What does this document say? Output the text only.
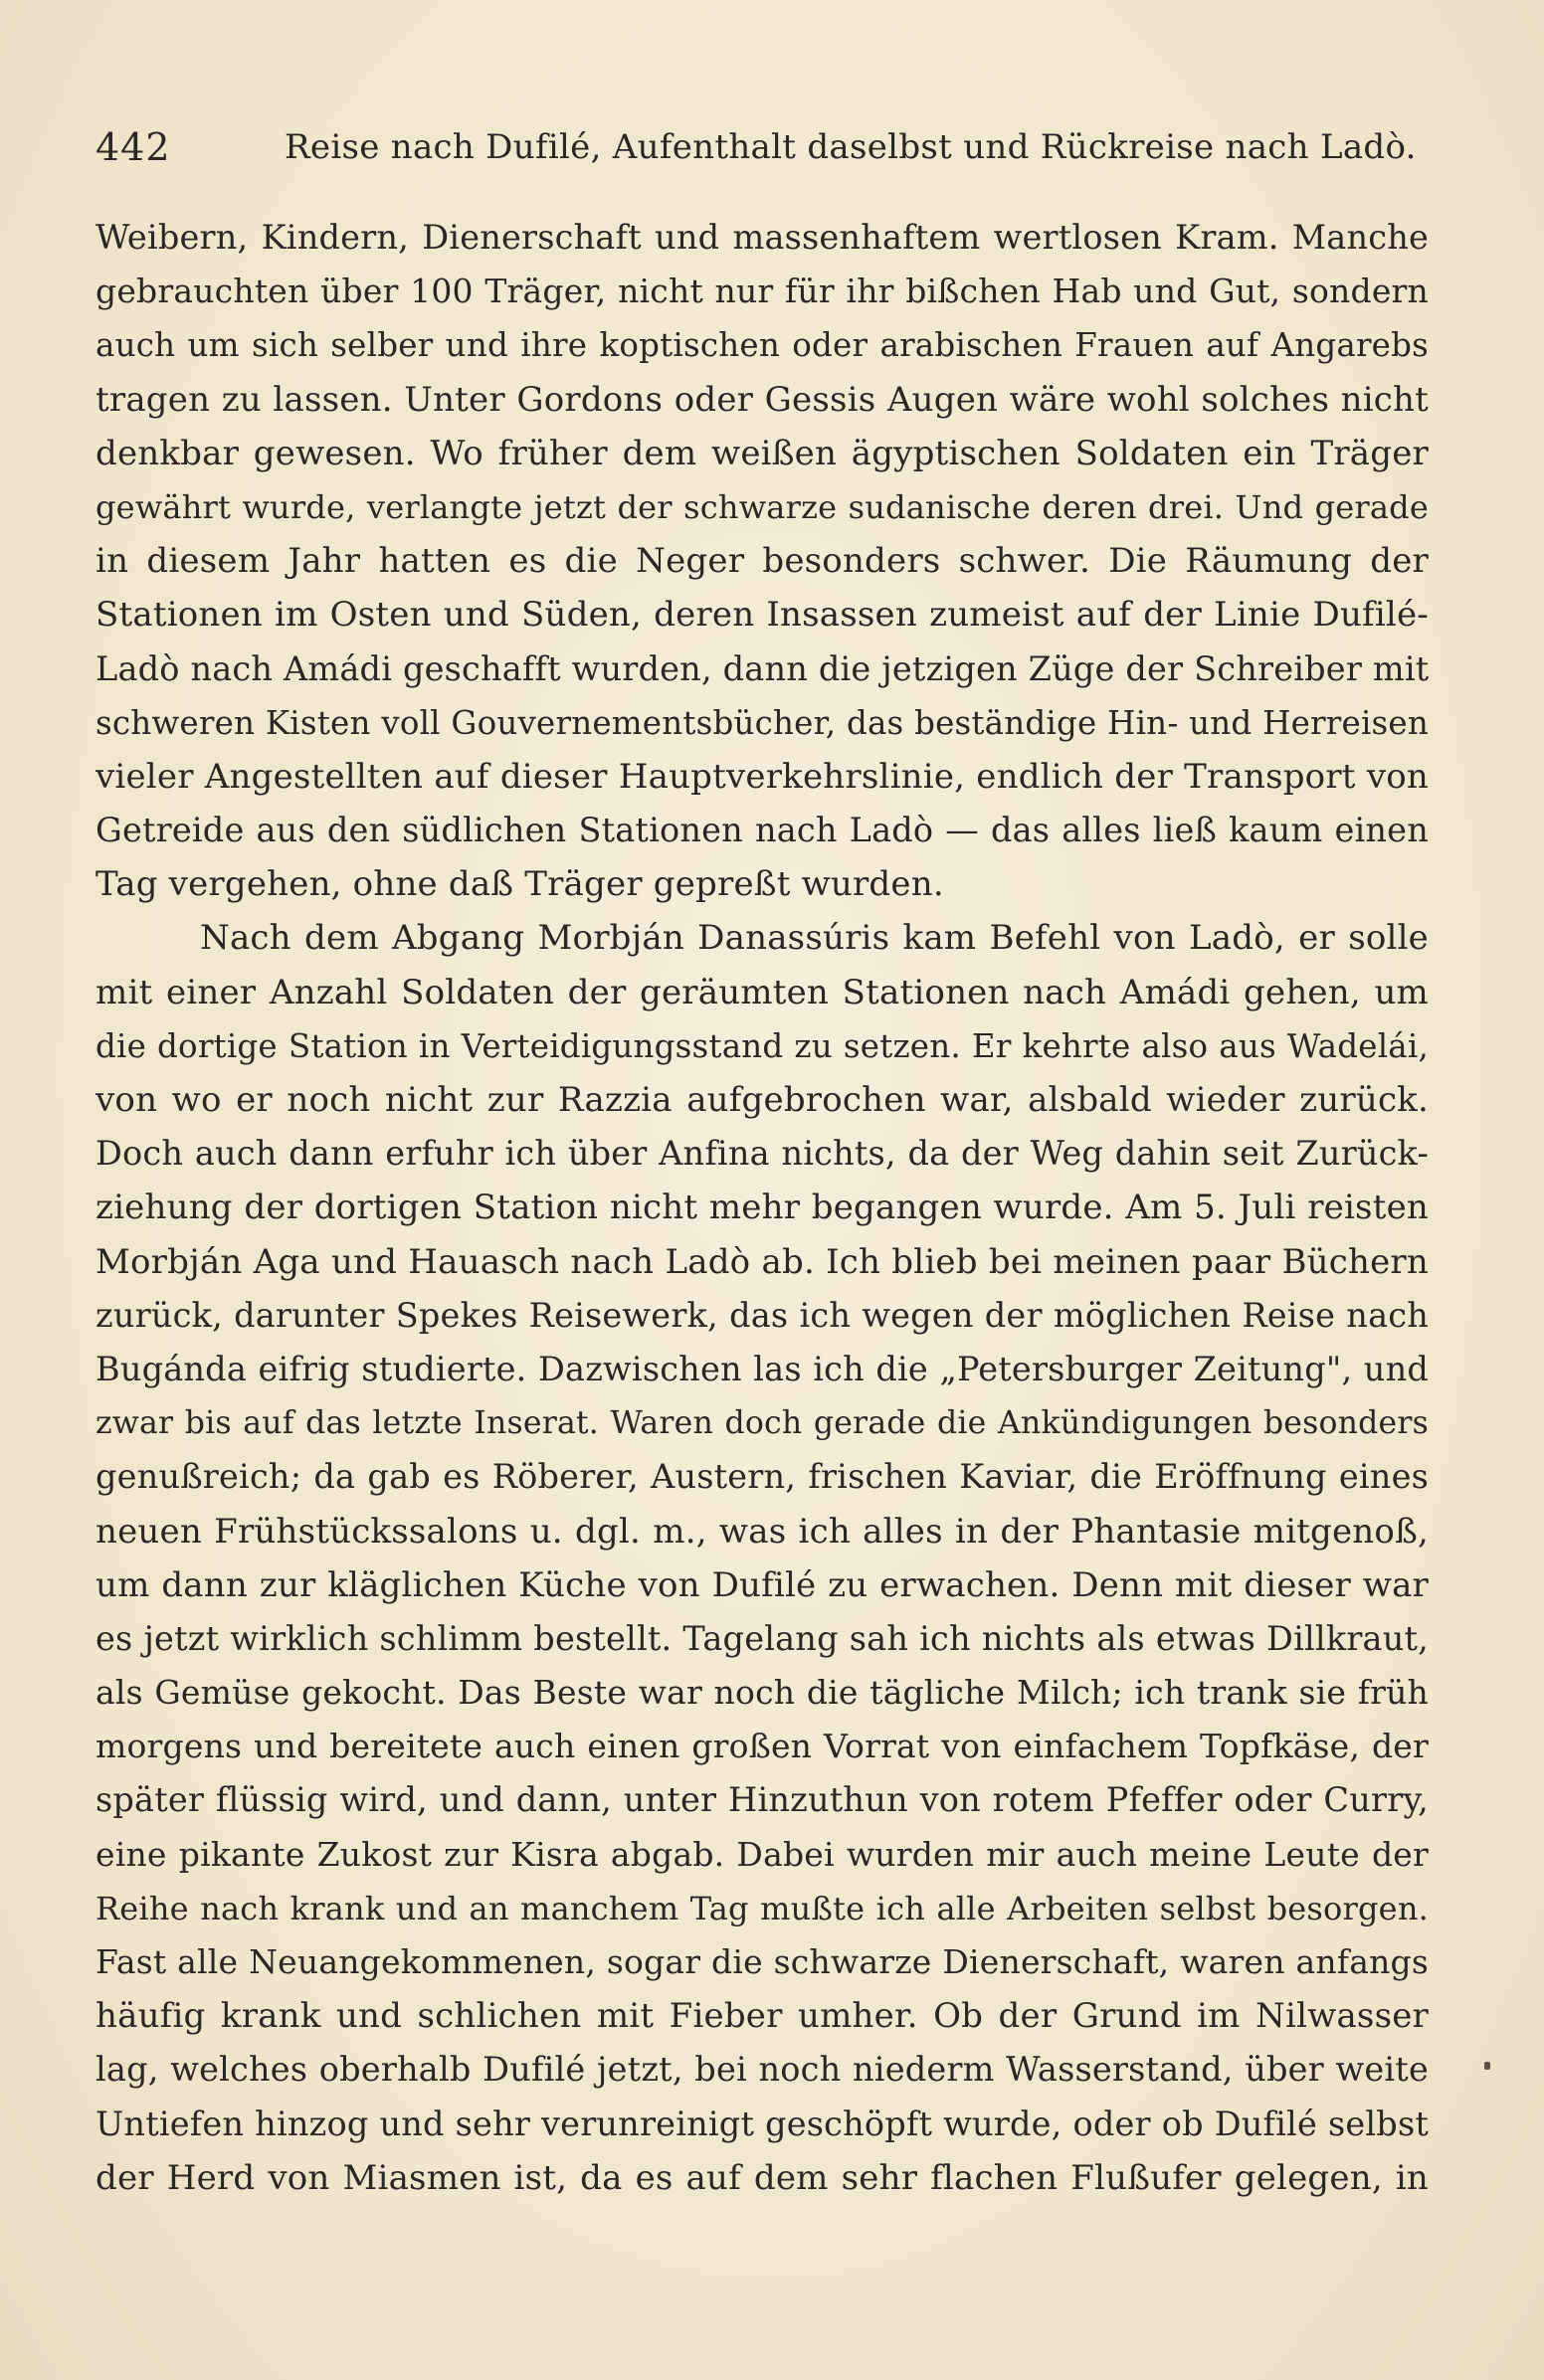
442	Reise nach Dufilé, Aufenthalt daselbst und Rückreise nach Ladò.
Weibern, Kindern, Dienerschaft und massenhaftem wertlosen Kram. Manche
gebrauchten über 100 Träger, nicht nur für ihr bißchen Hab und Gut, sondern
auch um sich selber und ihre koptischen oder arabischen Frauen auf Angarebs
tragen zu lassen. Unter Gordons oder Gessis Augen wäre wohl solches nicht
denkbar gewesen. Wo früher dem weißen ägyptischen Soldaten ein Träger
gewährt wurde, verlangte jetzt der schwarze sudanische deren drei. Und gerade
in diesem Jahr hatten es die Neger besonders schwer. Die Räumung der
Stationen im Osten und Süden, deren Insassen zumeist auf der Linie Dufilé-
Ladò nach Amádi geschafft wurden, dann die jetzigen Züge der Schreiber mit
schweren Kisten voll Gouvernementsbücher, das beständige Hin- und Herreisen
vieler Angestellten auf dieser Hauptverkehrslinie, endlich der Transport von
Getreide aus den südlichen Stationen nach Ladò — das alles ließ kaum einen
Tag vergehen, ohne daß Träger gepreßt wurden.
Nach dem Abgang Morbján Danassúris kam Befehl von Ladò, er solle
mit einer Anzahl Soldaten der geräumten Stationen nach Amádi gehen, um
die dortige Station in Verteidigungsstand zu setzen. Er kehrte also aus Wadelái,
von wo er noch nicht zur Razzia aufgebrochen war, alsbald wieder zurück.
Doch auch dann erfuhr ich über Anfina nichts, da der Weg dahin seit Zurück-
ziehung der dortigen Station nicht mehr begangen wurde. Am 5. Juli reisten
Morbján Aga und Hauasch nach Ladò ab. Ich blieb bei meinen paar Büchern
zurück, darunter Spekes Reisewerk, das ich wegen der möglichen Reise nach
Bugánda eifrig studierte. Dazwischen las ich die „Petersburger Zeitung", und
zwar bis auf das letzte Inserat. Waren doch gerade die Ankündigungen besonders
genußreich; da gab es Röberer, Austern, frischen Kaviar, die Eröffnung eines
neuen Frühstückssalons u. dgl. m., was ich alles in der Phantasie mitgenoß,
um dann zur kläglichen Küche von Dufilé zu erwachen. Denn mit dieser war
es jetzt wirklich schlimm bestellt. Tagelang sah ich nichts als etwas Dillkraut,
als Gemüse gekocht. Das Beste war noch die tägliche Milch; ich trank sie früh
morgens und bereitete auch einen großen Vorrat von einfachem Topfkäse, der
später flüssig wird, und dann, unter Hinzuthun von rotem Pfeffer oder Curry,
eine pikante Zukost zur Kisra abgab. Dabei wurden mir auch meine Leute der
Reihe nach krank und an manchem Tag mußte ich alle Arbeiten selbst besorgen.
Fast alle Neuangekommenen, sogar die schwarze Dienerschaft, waren anfangs
häufig krank und schlichen mit Fieber umher. Ob der Grund im Nilwasser
lag, welches oberhalb Dufilé jetzt, bei noch niederm Wasserstand, über weite
Untiefen hinzog und sehr verunreinigt geschöpft wurde, oder ob Dufilé selbst
der Herd von Miasmen ist, da es auf dem sehr flachen Flußufer gelegen, in
